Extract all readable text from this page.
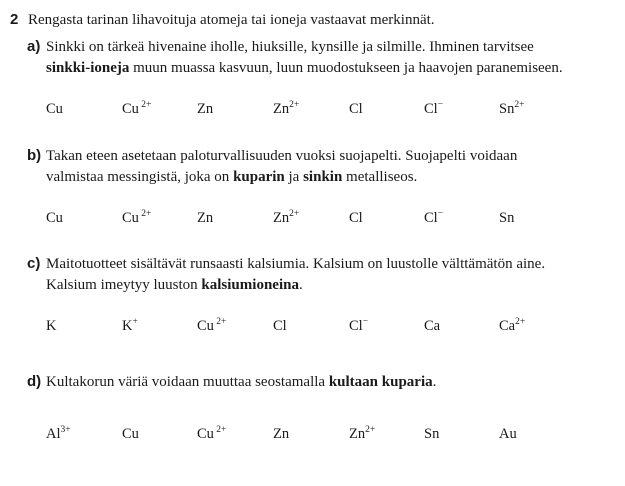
2 Rengasta tarinan lihavoituja atomeja tai ioneja vastaavat merkinnät.
a) Sinkki on tärkeä hivenaine iholle, hiuksille, kynsille ja silmille. Ihminen tarvitsee
sinkki-ioneja muun muassa kasvuun, luun muodostukseen ja haavojen paranemiseen.
Cu	Cu $^{2+}$	Zn	$Zn^{2+}$	Cl	Cl−	$Sn^{2+}$
b) Takan eteen asetetaan paloturvallisuuden vuoksi suojapelti. Suojapelti voidaan
valmistaa messingistä, joka on kuparin ja sinkin metalliseos.
Cu	Cu $^{2+}$	Zn	$Zn^{2+}$	Cl	Cl−	Sn
c) Maitotuotteet sisältävät runsaasti kalsiumia. Kalsium on luustolle välttämätön aine.
Kalsium imeytyy luuston kalsiumioneina.
K	K+	Cu $^{2+}$	Cl	Cl−	Ca	$Ca^{2+}$
d) Kultakorun väriä voidaan muuttaa seostamalla kultaan kuparia.
$Al^{3+}$	Cu	Cu $^{2+}$	Zn	$Zn^{2+}$	Sn	Au
